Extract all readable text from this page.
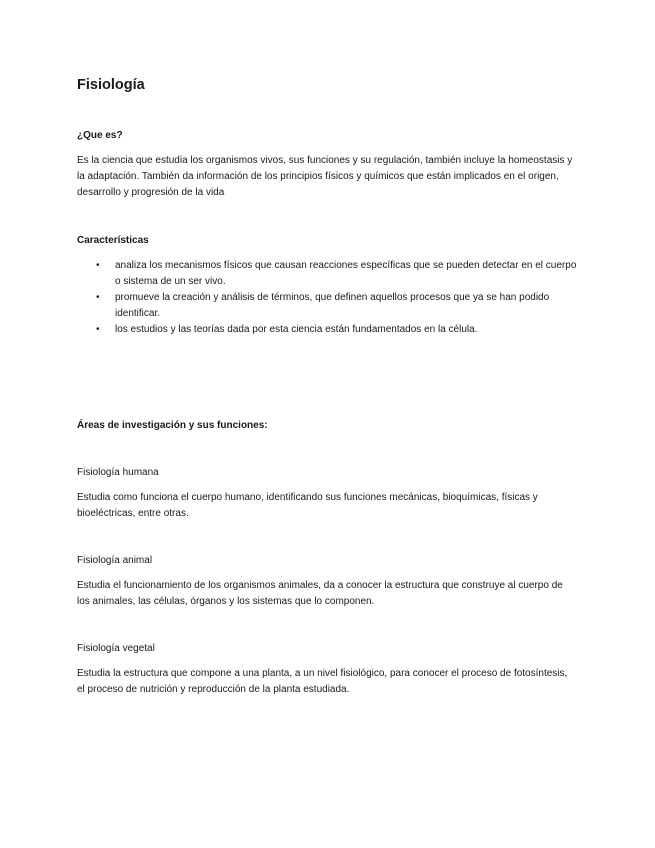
Fisiología
¿Que es?

Es la ciencia que estudia los organismos vivos, sus funciones y su regulación, también incluye la homeostasis y la adaptación. También da información de los principios físicos y químicos que están implicados en el origen, desarrollo y progresión de la vida

Características
• analiza los mecanismos físicos que causan reacciones específicas que se pueden detectar en el cuerpo o sistema de un ser vivo.
• promueve la creación y análisis de términos, que definen aquellos procesos que ya se han podido identificar.
• los estudios y las teorías dada por esta ciencia están fundamentados en la célula.
Áreas de investigación y sus funciones:
Fisiología humana

Estudia como funciona el cuerpo humano, identificando sus funciones mecánicas, bioquímicas, físicas y bioeléctricas, entre otras.

Fisiología animal

Estudia el funcionamiento de los organismos animales, da a conocer la estructura que construye al cuerpo de los animales, las células, órganos y los sistemas que lo componen.

Fisiología vegetal

Estudia la estructura que compone a una planta, a un nivel fisiológico, para conocer el proceso de fotosíntesis, el proceso de nutrición y reproducción de la planta estudiada.
